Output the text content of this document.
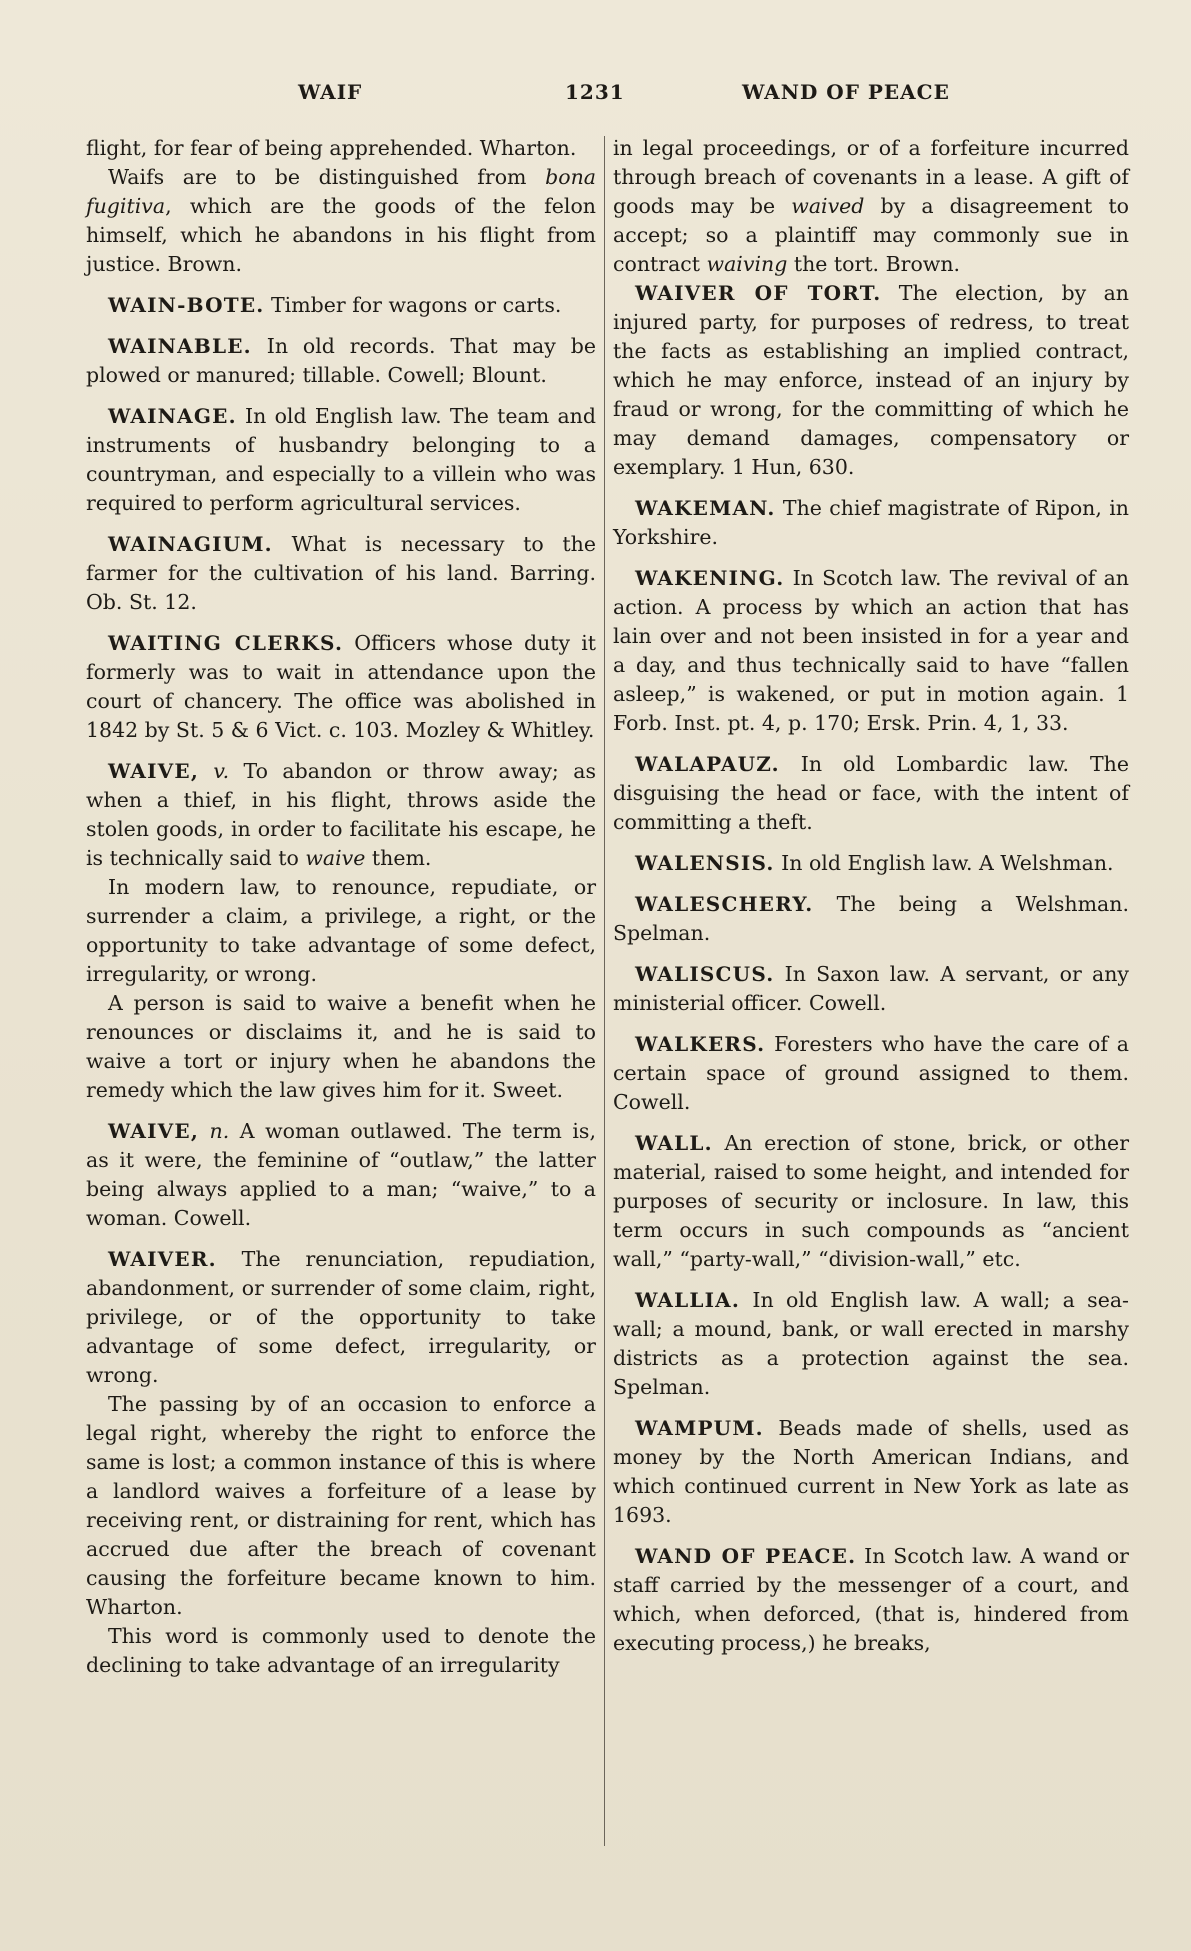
WAIF	1231	WAND OF PEACE

flight, for fear of being apprehended. Wharton.

Waifs are to be distinguished from bona fugitiva, which are the goods of the felon himself, which he abandons in his flight from justice. Brown.

WAIN-BOTE. Timber for wagons or carts.

WAINABLE. In old records. That may be plowed or manured; tillable. Cowell; Blount.

WAINAGE. In old English law. The team and instruments of husbandry belonging to a countryman, and especially to a villein who was required to perform agricultural services.

WAINAGIUM. What is necessary to the farmer for the cultivation of his land. Barring. Ob. St. 12.

WAITING CLERKS. Officers whose duty it formerly was to wait in attendance upon the court of chancery. The office was abolished in 1842 by St. 5 & 6 Vict. c. 103. Mozley & Whitley.

WAIVE, v. To abandon or throw away; as when a thief, in his flight, throws aside the stolen goods, in order to facilitate his escape, he is technically said to waive them.

In modern law, to renounce, repudiate, or surrender a claim, a privilege, a right, or the opportunity to take advantage of some defect, irregularity, or wrong.

A person is said to waive a benefit when he renounces or disclaims it, and he is said to waive a tort or injury when he abandons the remedy which the law gives him for it. Sweet.

WAIVE, n. A woman outlawed. The term is, as it were, the feminine of “outlaw,” the latter being always applied to a man; “waive,” to a woman. Cowell.

WAIVER. The renunciation, repudiation, abandonment, or surrender of some claim, right, privilege, or of the opportunity to take advantage of some defect, irregularity, or wrong.

The passing by of an occasion to enforce a legal right, whereby the right to enforce the same is lost; a common instance of this is where a landlord waives a forfeiture of a lease by receiving rent, or distraining for rent, which has accrued due after the breach of covenant causing the forfeiture became known to him. Wharton.

This word is commonly used to denote the declining to take advantage of an irregularity

in legal proceedings, or of a forfeiture incurred through breach of covenants in a lease. A gift of goods may be waived by a disagreement to accept; so a plaintiff may commonly sue in contract waiving the tort. Brown.

WAIVER OF TORT. The election, by an injured party, for purposes of redress, to treat the facts as establishing an implied contract, which he may enforce, instead of an injury by fraud or wrong, for the committing of which he may demand damages, compensatory or exemplary. 1 Hun, 630.

WAKEMAN. The chief magistrate of Ripon, in Yorkshire.

WAKENING. In Scotch law. The revival of an action. A process by which an action that has lain over and not been insisted in for a year and a day, and thus technically said to have “fallen asleep,” is wakened, or put in motion again. 1 Forb. Inst. pt. 4, p. 170; Ersk. Prin. 4, 1, 33.

WALAPAUZ. In old Lombardic law. The disguising the head or face, with the intent of committing a theft.

WALENSIS. In old English law. A Welshman.

WALESCHERY. The being a Welshman. Spelman.

WALISCUS. In Saxon law. A servant, or any ministerial officer. Cowell.

WALKERS. Foresters who have the care of a certain space of ground assigned to them. Cowell.

WALL. An erection of stone, brick, or other material, raised to some height, and intended for purposes of security or inclosure. In law, this term occurs in such compounds as “ancient wall,” “party-wall,” “division-wall,” etc.

WALLIA. In old English law. A wall; a sea-wall; a mound, bank, or wall erected in marshy districts as a protection against the sea. Spelman.

WAMPUM. Beads made of shells, used as money by the North American Indians, and which continued current in New York as late as 1693.

WAND OF PEACE. In Scotch law. A wand or staff carried by the messenger of a court, and which, when deforced, (that is, hindered from executing process,) he breaks,
